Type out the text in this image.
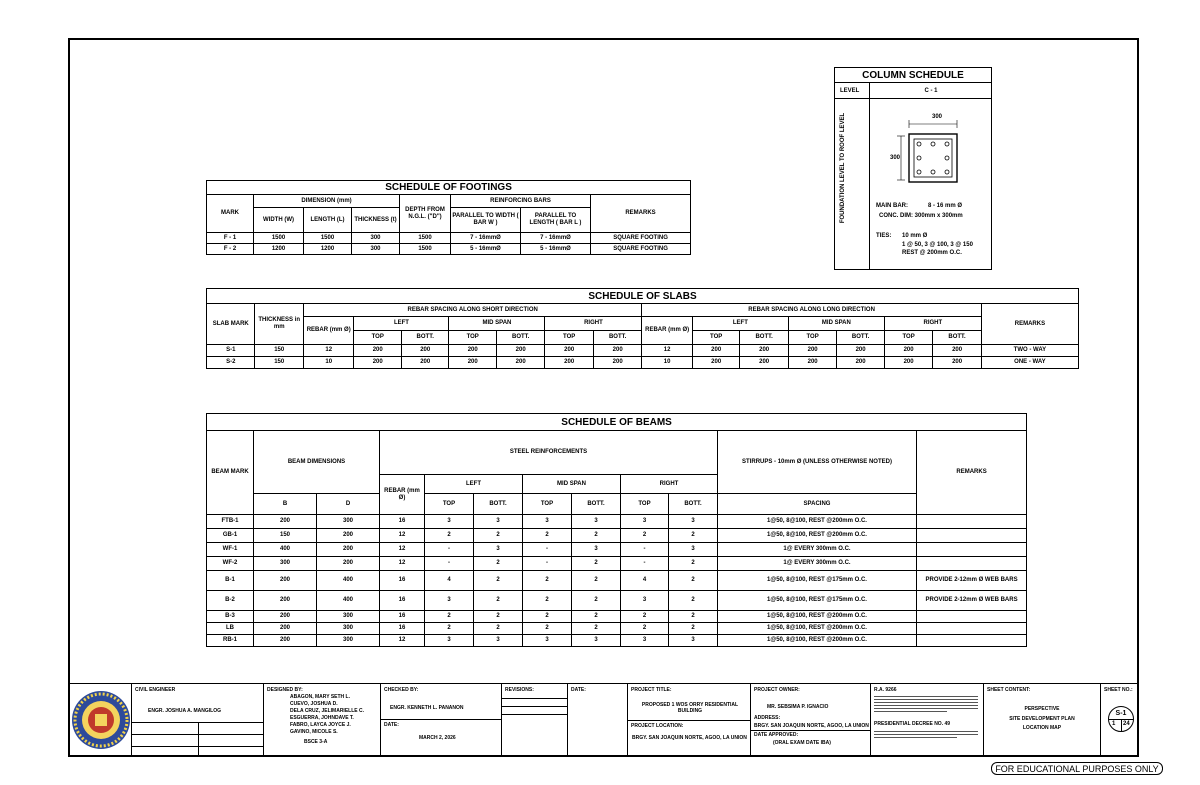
SCHEDULE OF FOOTINGS							
MARK	DIMENSION (mm)			DEPTH FROM N.G.L. ("D")	REINFORCING BARS		REMARKS
	WIDTH (W)	LENGTH (L)	THICKNESS (t)		PARALLEL TO WIDTH ( BAR W )	PARALLEL TO LENGTH ( BAR L )	
F - 1	1500	1500	300	1500	7 - 16mmØ	7 - 16mmØ	SQUARE FOOTING
F - 2	1200	1200	300	1500	5 - 16mmØ	5 - 16mmØ	SQUARE FOOTING
SCHEDULE OF SLABS																
SLAB MARK	THICKNESS in mm	REBAR SPACING ALONG SHORT DIRECTION							REBAR SPACING ALONG LONG DIRECTION							REMARKS
		REBAR (mm Ø)	LEFT		MID SPAN		RIGHT		REBAR (mm Ø)	LEFT		MID SPAN		RIGHT		
			TOP	BOTT.	TOP	BOTT.	TOP	BOTT.		TOP	BOTT.	TOP	BOTT.	TOP	BOTT.	
S-1	150	12	200	200	200	200	200	200	12	200	200	200	200	200	200	TWO - WAY
S-2	150	10	200	200	200	200	200	200	10	200	200	200	200	200	200	ONE - WAY
SCHEDULE OF BEAMS											
BEAM MARK	BEAM DIMENSIONS		STEEL REINFORCEMENTS							STIRRUPS - 10mm Ø (UNLESS OTHERWISE NOTED)	REMARKS
			REBAR (mm Ø)	LEFT		MID SPAN		RIGHT			
	B	D		TOP	BOTT.	TOP	BOTT.	TOP	BOTT.	SPACING	
FTB-1	200	300	16	3	3	3	3	3	3	1@50, 8@100, REST @200mm O.C.	
GB-1	150	200	12	2	2	2	2	2	2	1@50, 8@100, REST @200mm O.C.	
WF-1	400	200	12	-	3	-	3	-	3	1@ EVERY 300mm O.C.	
WF-2	300	200	12	-	2	-	2	-	2	1@ EVERY 300mm O.C.	
B-1	200	400	16	4	2	2	2	4	2	1@50, 8@100, REST @175mm O.C.	PROVIDE 2-12mm Ø WEB BARS
B-2	200	400	16	3	2	2	2	3	2	1@50, 8@100, REST @175mm O.C.	PROVIDE 2-12mm Ø WEB BARS
B-3	200	300	16	2	2	2	2	2	2	1@50, 8@100, REST @200mm O.C.	
LB	200	300	16	2	2	2	2	2	2	1@50, 8@100, REST @200mm O.C.	
RB-1	200	300	12	3	3	3	3	3	3	1@50, 8@100, REST @200mm O.C.	
COLUMN SCHEDULE
LEVEL	C - 1
FOUNDATION LEVEL TO ROOF LEVEL	300
300
MAIN BAR:	8 - 16 mm Ø
CONC. DIM: 300mm x 300mm
TIES: 10 mm Ø
1 @ 50, 3 @ 100, 3 @ 150
REST @ 200mm O.C.
CIVIL ENGINEER
ENGR. JOSHUA A. MANGILOG
DESIGNED BY:
ABAGON, MARY SETH L.
CUEVO, JOSHUA D.
DELA CRUZ, JELIMARIELLE C.
ESGUERRA, JOHNDAVE T.
FABRO, LAYCA JOYCE J.
GAVINO, MICOLE S.
BSCE 3-A
CHECKED BY:
ENGR. KENNETH L. PANANON
DATE:
MARCH 2, 2026
REVISIONS:	DATE:	PROJECT TITLE:
PROPOSED 1 WOS ORRY RESIDENTIAL BUILDING
PROJECT LOCATION:
BRGY. SAN JOAQUIN NORTE, AGOO, LA UNION
PROJECT OWNER:
MR. SEBSIMA P. IGNACIO
ADDRESS:
BRGY. SAN JOAQUIN NORTE, AGOO, LA UNION
DATE APPROVED:
(ORAL EXAM DATE IBA)
R.A. 9266
PRESIDENTIAL DECREE NO. 49
SHEET CONTENT:
PERSPECTIVE
SITE DEVELOPMENT PLAN
LOCATION MAP
SHEET NO.:
S-1
1 24
FOR EDUCATIONAL PURPOSES ONLY
